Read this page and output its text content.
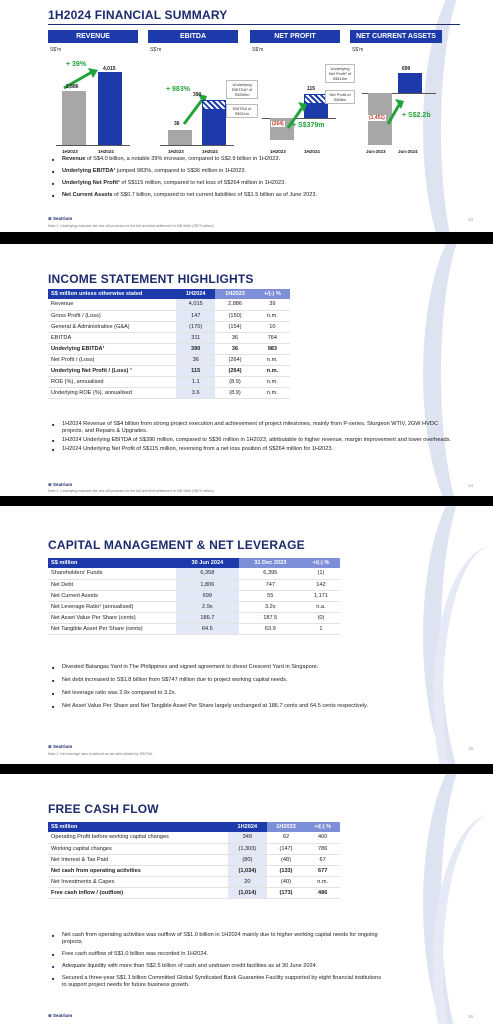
1H2024 FINANCIAL SUMMARY
REVENUE
S$'m
+ 39%
2,886
4,015
1H2023	1H2024
EBITDA
S$'m
+ 983%
36
390
Underlying EBITDA¹ of S$390m
EBITDA of S$311m
1H2023	1H2024
NET PROFIT
S$'m
(264)
115
Underlying Net Profit¹ of S$115m
Net Profit of S$36m
+ S$379m
1H2023	1H2024
NET CURRENT ASSETS
S$'m
699
(1,451) + S$2.2b
Jun-2023	Jun-2024
■ Revenue of S$4.0 billion, a notable 39% increase, compared to S$2.9 billion in 1H2023.
■ Underlying EBITDA¹ jumped 983%, compared to S$36 million in 1H2023.
■ Underlying Net Profit¹ of S$115 million, compared to net loss of S$264 million in 1H2023.
■ Net Current Assets of S$0.7 billion, compared to net current liabilities of S$1.5 billion as of June 2023.
⊜ Seatrium
Note 1: Underlying excludes the one-off provision for the full and final settlement to MB Wirth (S$79 million)
13
INCOME STATEMENT HIGHLIGHTS
S$ million unless otherwise stated	1H2024	1H2023	+/(-) %
Revenue	4,015	2,886	39
Gross Profit / (Loss)	147	(150)	n.m.
General & Administrative (G&A)	(170)	(154)	10
EBITDA	311	36	764
Underlying EBITDA¹	390	36	983
Net Profit / (Loss)	36	(264)	n.m.
Underlying Net Profit / (Loss) ¹	115	(264)	n.m.
ROE (%), annualised	1.1	(8.9)	n.m.
Underlying ROE (%), annualised	3.6	(8.9)	n.m.
■ 1H2024 Revenue of S$4 billion from strong project execution and achievement of project milestones, mainly from P-series, Sturgeon WTIV, 2GW HVDC projects, and Repairs & Upgrades.
■ 1H2024 Underlying EBITDA of S$390 million, compared to S$36 million in 1H2023, attributable to higher revenue, margin improvement and lower overheads.
■ 1H2024 Underlying Net Profit of S$115 million, reversing from a net loss position of S$264 million for 1H2023.
⊜ Seatrium
Note 1: Underlying excludes the one-off provision for the full and final settlement to MB Wirth (S$79 million)
14
CAPITAL MANAGEMENT & NET LEVERAGE
S$ million	30 Jun 2024	31 Dec 2023	+/(-) %
Shareholders' Funds	6,358	6,395	(1)
Net Debt	1,806	747	142
Net Current Assets	699	55	1,171
Net Leverage Ratio¹ (annualised)	2.9x	3.2x	n.a.
Net Asset Value Per Share (cents)	186.7	187.5	(0)
Net Tangible Asset Per Share (cents)	64.5	63.9	1
■ Divested Batangas Yard in The Philippines and signed agreement to divest Crescent Yard in Singapore.
■ Net debt increased to S$1.8 billion from S$747 million due to project working capital needs.
■ Net leverage ratio was 2.9x compared to 3.2x.
■ Net Asset Value Per Share and Net Tangible Asset Per Share largely unchanged at 186.7 cents and 64.5 cents respectively.
⊜ Seatrium
Note 1: Net leverage ratio is defined as net debt divided by EBITDA
15
FREE CASH FLOW
S$ million	1H2024	1H2023	+/(-) %
Operating Profit before working capital changes	349	62	460
Working capital changes	(1,303)	(147)	786
Net Interest & Tax Paid	(80)	(48)	67
Net cash from operating activities	(1,034)	(133)	677
Net Investments & Capex	20	(40)	n.m.
Free cash inflow / (outflow)	(1,014)	(173)	486
■ Net cash from operating activities was outflow of S$1.0 billion in 1H2024 mainly due to higher working capital needs for ongoing projects.
■ Free cash outflow of S$1.0 billion was recorded in 1H2024.
■ Adequate liquidity with more than S$2.5 billion of cash and undrawn credit facilities as at 30 June 2024.
■ Secured a three-year S$1.1 billion Committed Global Syndicated Bank Guarantee Facility supported by eight financial institutions to support project needs for future business growth.
⊜ Seatrium	16
